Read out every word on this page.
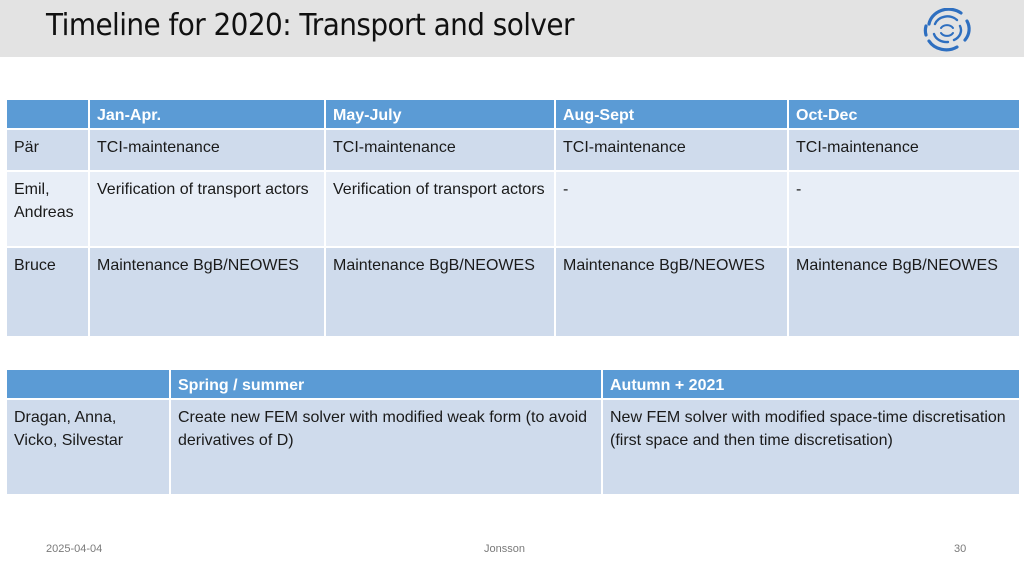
Timeline for 2020: Transport and solver
	Jan-Apr.	May-July	Aug-Sept	Oct-Dec
Pär	TCI-maintenance	TCI-maintenance	TCI-maintenance	TCI-maintenance
Emil, Andreas	Verification of transport actors	Verification of transport actors	-	-
Bruce	Maintenance BgB/NEOWES	Maintenance BgB/NEOWES	Maintenance BgB/NEOWES	Maintenance BgB/NEOWES
	Spring / summer	Autumn + 2021
Dragan, Anna, Vicko, Silvestar	Create new FEM solver with modified weak form (to avoid derivatives of D)	New FEM solver with modified space-time discretisation (first space and then time discretisation)
2025-04-04	Jonsson	30
